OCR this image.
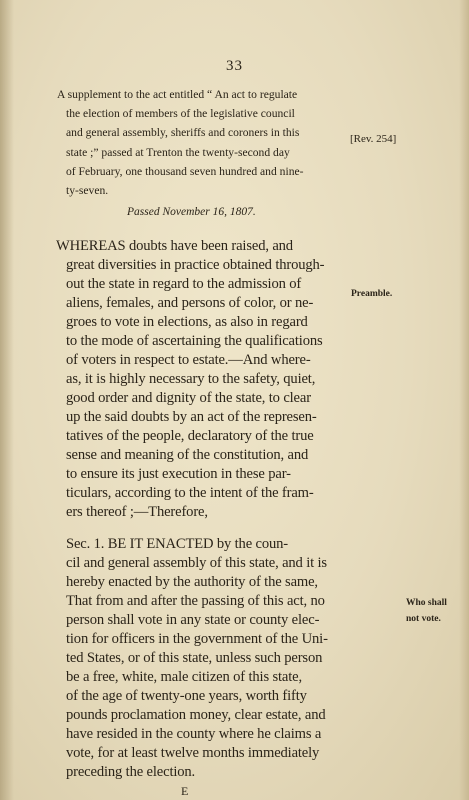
33
A supplement to the act entitled “ An act to regulate
the election of members of the legislative council
and general assembly, sheriffs and coroners in this
state ;” passed at Trenton the twenty-second day
of February, one thousand seven hundred and nine-
ty-seven.
[Rev. 254]
Passed November 16, 1807.
WHEREAS doubts have been raised, and
great diversities in practice obtained through-
out the state in regard to the admission of
aliens, females, and persons of color, or ne-
groes to vote in elections, as also in regard
to the mode of ascertaining the qualifications
of voters in respect to estate.—And where-
as, it is highly necessary to the safety, quiet,
good order and dignity of the state, to clear
up the said doubts by an act of the represen-
tatives of the people, declaratory of the true
sense and meaning of the constitution, and
to ensure its just execution in these par-
ticulars, according to the intent of the fram-
ers thereof ;—Therefore,
Preamble.
Sec. 1. BE IT ENACTED by the coun-
cil and general assembly of this state, and it is
hereby enacted by the authority of the same,
That from and after the passing of this act, no
person shall vote in any state or county elec-
tion for officers in the government of the Uni-
ted States, or of this state, unless such person
be a free, white, male citizen of this state,
of the age of twenty-one years, worth fifty
pounds proclamation money, clear estate, and
have resided in the county where he claims a
vote, for at least twelve months immediately
preceding the election.
Who shall
not vote.
E
